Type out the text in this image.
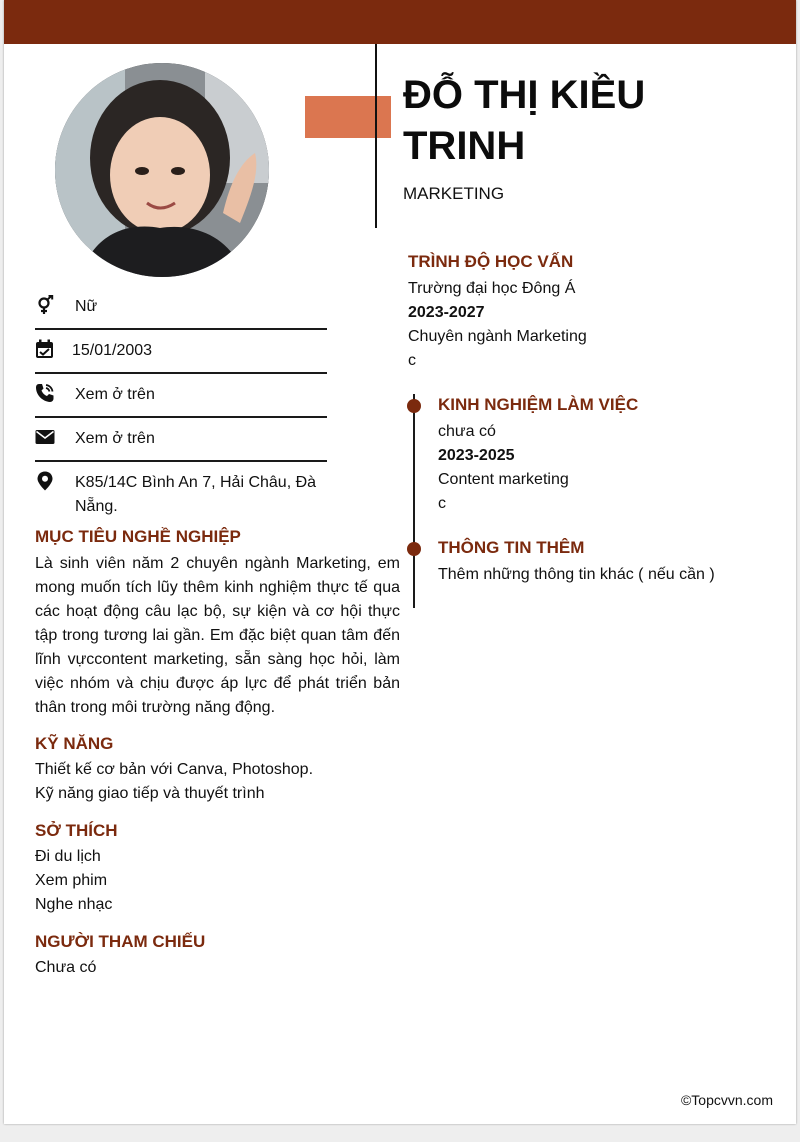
ĐỖ THỊ KIỀU TRINH
MARKETING
Nữ
15/01/2003
Xem ở trên
Xem ở trên
K85/14C Bình An 7, Hải Châu, Đà Nẵng.
MỤC TIÊU NGHỀ NGHIỆP
Là sinh viên năm 2 chuyên ngành Marketing, em mong muốn tích lũy thêm kinh nghiệm thực tế qua các hoạt động câu lạc bộ, sự kiện và cơ hội thực tập trong tương lai gần. Em đặc biệt quan tâm đến lĩnh vựccontent marketing, sẵn sàng học hỏi, làm việc nhóm và chịu được áp lực để phát triển bản thân trong môi trường năng động.
KỸ NĂNG
Thiết kế cơ bản với Canva, Photoshop.
Kỹ năng giao tiếp và thuyết trình
SỞ THÍCH
Đi du lịch
Xem phim
Nghe nhạc
NGƯỜI THAM CHIẾU
Chưa có
TRÌNH ĐỘ HỌC VẤN
Trường đại học Đông Á
2023-2027
Chuyên ngành Marketing
c
KINH NGHIỆM LÀM VIỆC
chưa có
2023-2025
Content marketing
c
THÔNG TIN THÊM
Thêm những thông tin khác ( nếu cần )
©Topcvvn.com
